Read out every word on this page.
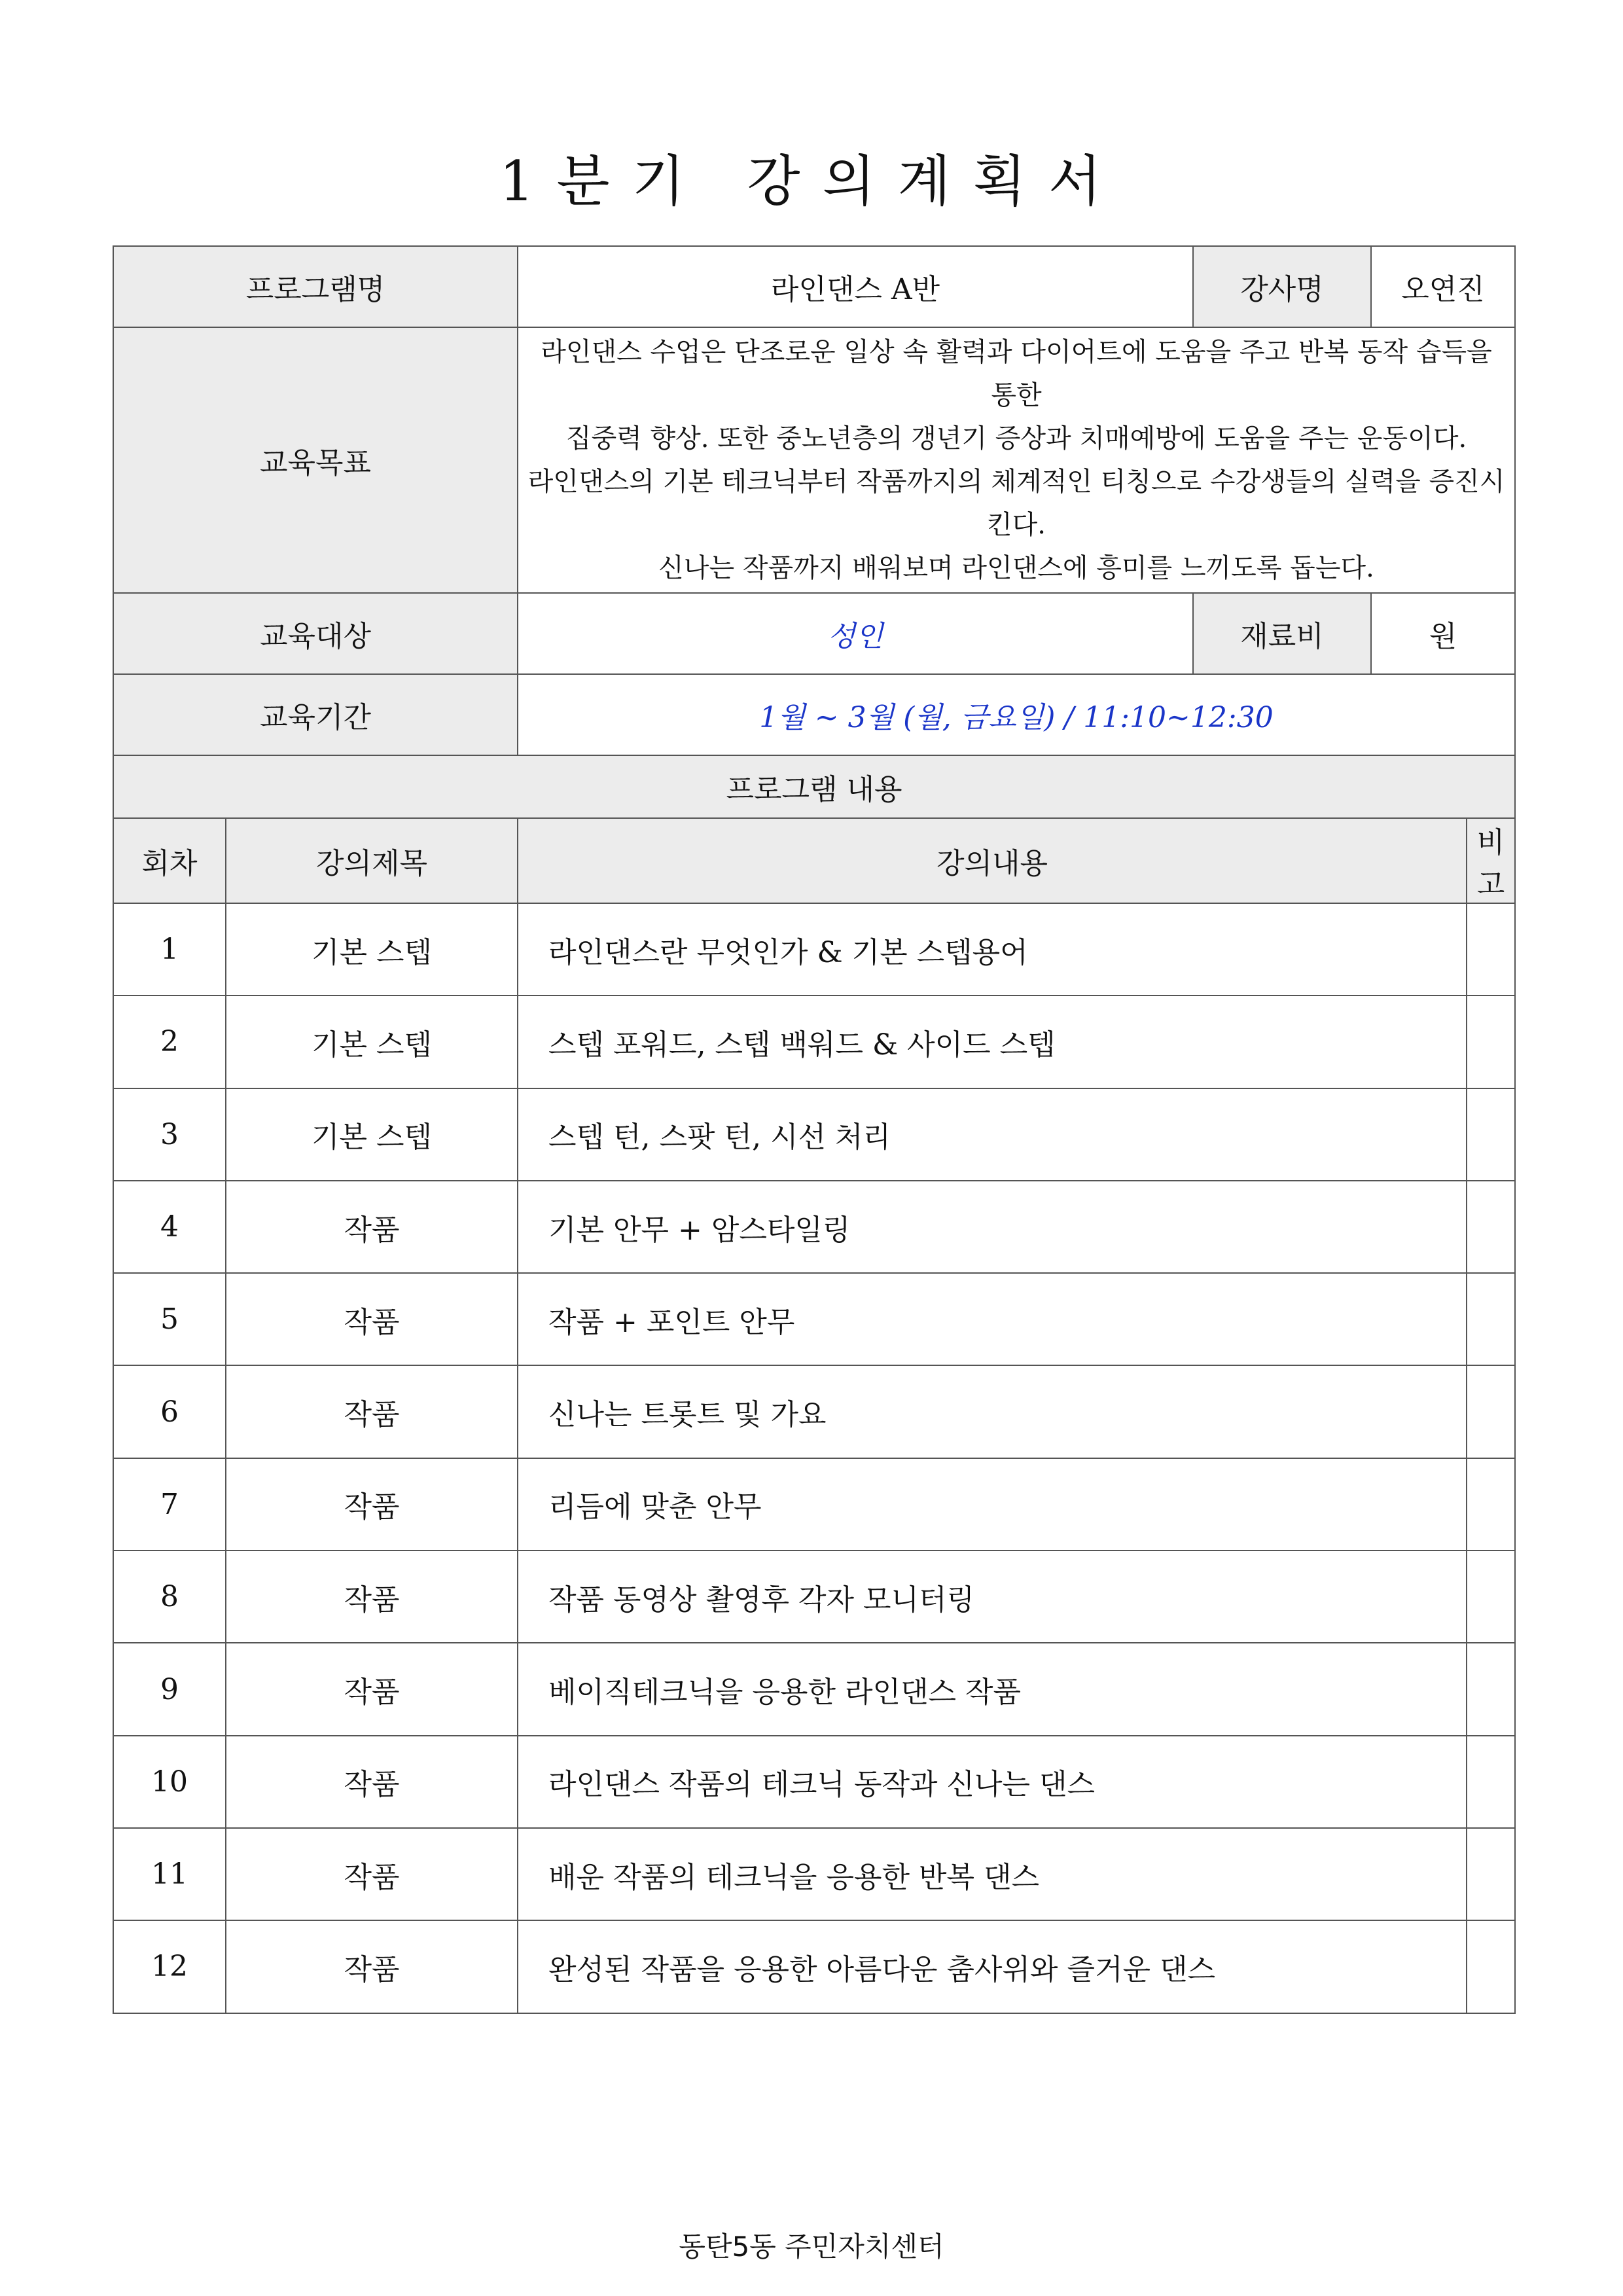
1분기 강의계획서
프로그램명		라인댄스 A반	강사명	오연진	
교육목표		라인댄스 수업은 단조로운 일상 속 활력과 다이어트에 도움을 주고 반복 동작 습득을 통한
집중력 향상. 또한 중노년층의 갱년기 증상과 치매예방에 도움을 주는 운동이다.
라인댄스의 기본 테크닉부터 작품까지의 체계적인 티칭으로 수강생들의 실력을 증진시킨다.
신나는 작품까지 배워보며 라인댄스에 흥미를 느끼도록 돕는다.			

교육대상		성인	재료비	원	
교육기간		1월 ~ 3월 (월, 금요일) / 11:10~12:30			
프로그램 내용					
회차	강의제목	강의내용			비고
1	기본 스텝	라인댄스란 무엇인가 & 기본 스텝용어			
2	기본 스텝	스텝 포워드, 스텝 백워드 & 사이드 스텝			
3	기본 스텝	스텝 턴, 스팟 턴, 시선 처리			
4	작품	기본 안무 + 암스타일링			
5	작품	작품 + 포인트 안무			
6	작품	신나는 트롯트 및 가요			
7	작품	리듬에 맞춘 안무			
8	작품	작품 동영상 촬영후 각자 모니터링			
9	작품	베이직테크닉을 응용한 라인댄스 작품			
10	작품	라인댄스 작품의 테크닉 동작과 신나는 댄스			
11	작품	배운 작품의 테크닉을 응용한 반복 댄스			
12	작품	완성된 작품을 응용한 아름다운 춤사위와 즐거운 댄스			
동탄5동 주민자치센터
